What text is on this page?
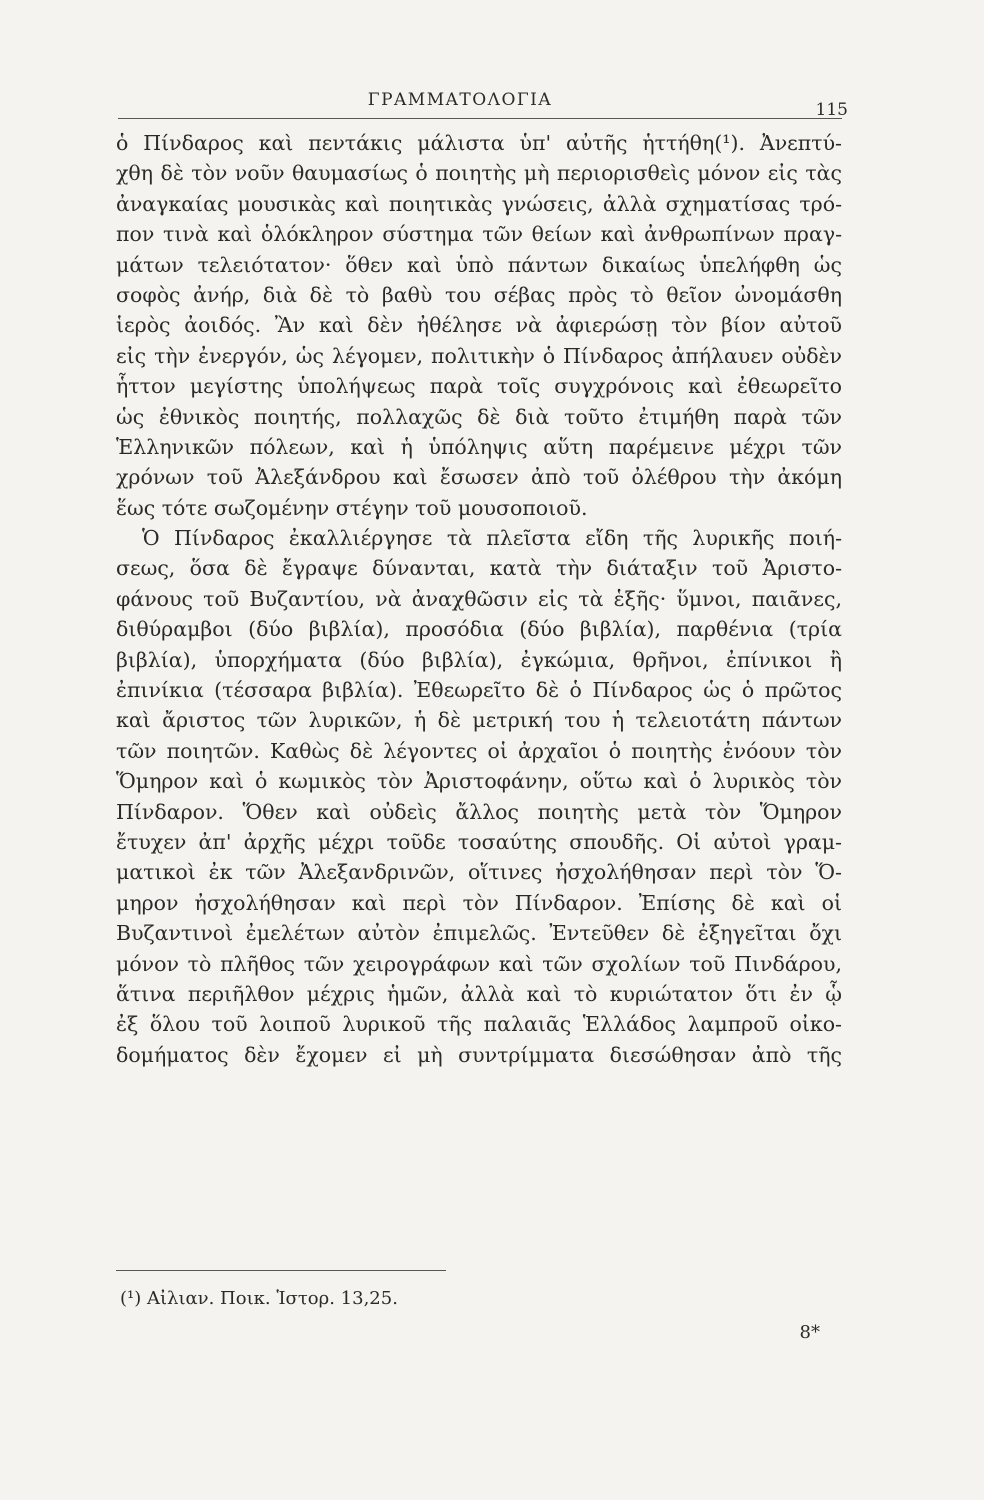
ΓΡΑΜΜΑΤΟΛΟΓΙΑ	115
ὁ Πίνδαρος καὶ πεντάκις μάλιστα ὑπ' αὐτῆς ἡττήθη(¹). Ἀνεπτύ-
χθη δὲ τὸν νοῦν θαυμασίως ὁ ποιητὴς μὴ περιορισθεὶς μόνον εἰς τὰς
ἀναγκαίας μουσικὰς καὶ ποιητικὰς γνώσεις, ἀλλὰ σχηματίσας τρό-
πον τινὰ καὶ ὁλόκληρον σύστημα τῶν θείων καὶ ἀνθρωπίνων πραγ-
μάτων τελειότατον· ὅθεν καὶ ὑπὸ πάντων δικαίως ὑπελήφθη ὡς
σοφὸς ἀνήρ, διὰ δὲ τὸ βαθὺ του σέβας πρὸς τὸ θεῖον ὠνομάσθη
ἱερὸς ἀοιδός. Ἂν καὶ δὲν ἠθέλησε νὰ ἀφιερώσῃ τὸν βίον αὐτοῦ
εἰς τὴν ἐνεργόν, ὡς λέγομεν, πολιτικὴν ὁ Πίνδαρος ἀπήλαυεν οὐδὲν
ἧττον μεγίστης ὑπολήψεως παρὰ τοῖς συγχρόνοις καὶ ἐθεωρεῖτο
ὡς ἐθνικὸς ποιητής, πολλαχῶς δὲ διὰ τοῦτο ἐτιμήθη παρὰ τῶν
Ἑλληνικῶν πόλεων, καὶ ἡ ὑπόληψις αὕτη παρέμεινε μέχρι τῶν
χρόνων τοῦ Ἀλεξάνδρου καὶ ἔσωσεν ἀπὸ τοῦ ὀλέθρου τὴν ἀκόμη
ἕως τότε σωζομένην στέγην τοῦ μουσοποιοῦ.
Ὁ Πίνδαρος ἐκαλλιέργησε τὰ πλεῖστα εἴδη τῆς λυρικῆς ποιή-
σεως, ὅσα δὲ ἔγραψε δύνανται, κατὰ τὴν διάταξιν τοῦ Ἀριστο-
φάνους τοῦ Βυζαντίου, νὰ ἀναχθῶσιν εἰς τὰ ἑξῆς· ὕμνοι, παιᾶνες,
διθύραμβοι (δύο βιβλία), προσόδια (δύο βιβλία), παρθένια (τρία
βιβλία), ὑπορχήματα (δύο βιβλία), ἐγκώμια, θρῆνοι, ἐπίνικοι ἢ
ἐπινίκια (τέσσαρα βιβλία). Ἐθεωρεῖτο δὲ ὁ Πίνδαρος ὡς ὁ πρῶτος
καὶ ἄριστος τῶν λυρικῶν, ἡ δὲ μετρική του ἡ τελειοτάτη πάντων
τῶν ποιητῶν. Καθὼς δὲ λέγοντες οἱ ἀρχαῖοι ὁ ποιητὴς ἐνόουν τὸν
Ὅμηρον καὶ ὁ κωμικὸς τὸν Ἀριστοφάνην, οὕτω καὶ ὁ λυρικὸς τὸν
Πίνδαρον. Ὅθεν καὶ οὐδεὶς ἄλλος ποιητὴς μετὰ τὸν Ὅμηρον
ἔτυχεν ἀπ' ἀρχῆς μέχρι τοῦδε τοσαύτης σπουδῆς. Οἱ αὐτοὶ γραμ-
ματικοὶ ἐκ τῶν Ἀλεξανδρινῶν, οἵτινες ἠσχολήθησαν περὶ τὸν Ὅ-
μηρον ἠσχολήθησαν καὶ περὶ τὸν Πίνδαρον. Ἐπίσης δὲ καὶ οἱ
Βυζαντινοὶ ἐμελέτων αὐτὸν ἐπιμελῶς. Ἐντεῦθεν δὲ ἐξηγεῖται ὄχι
μόνον τὸ πλῆθος τῶν χειρογράφων καὶ τῶν σχολίων τοῦ Πινδάρου,
ἅτινα περιῆλθον μέχρις ἡμῶν, ἀλλὰ καὶ τὸ κυριώτατον ὅτι ἐν ᾧ
ἐξ ὅλου τοῦ λοιποῦ λυρικοῦ τῆς παλαιᾶς Ἑλλάδος λαμπροῦ οἰκο-
δομήματος δὲν ἔχομεν εἰ μὴ συντρίμματα διεσώθησαν ἀπὸ τῆς
(¹) Αἰλιαν. Ποικ. Ἱστορ. 13,25.
8*
